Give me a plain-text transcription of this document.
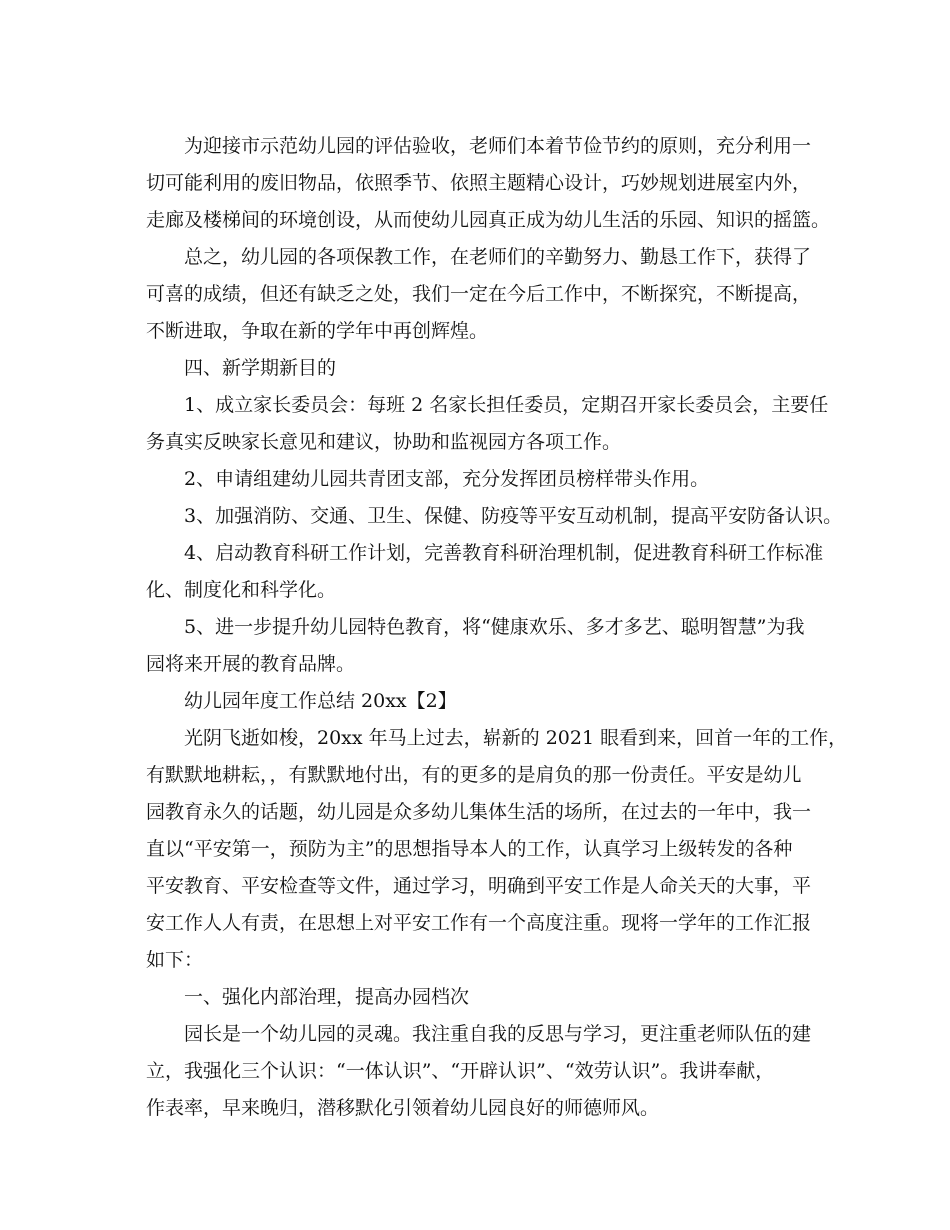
为迎接市示范幼儿园的评估验收，老师们本着节俭节约的原则，充分利用一
切可能利用的废旧物品，依照季节、依照主题精心设计，巧妙规划进展室内外，
走廊及楼梯间的环境创设，从而使幼儿园真正成为幼儿生活的乐园、知识的摇篮。
总之，幼儿园的各项保教工作，在老师们的辛勤努力、勤恳工作下，获得了
可喜的成绩，但还有缺乏之处，我们一定在今后工作中，不断探究，不断提高，
不断进取，争取在新的学年中再创辉煌。
四、新学期新目的
1、成立家长委员会：每班 2 名家长担任委员，定期召开家长委员会，主要任
务真实反映家长意见和建议，协助和监视园方各项工作。
2、申请组建幼儿园共青团支部，充分发挥团员榜样带头作用。
3、加强消防、交通、卫生、保健、防疫等平安互动机制，提高平安防备认识。
4、启动教育科研工作计划，完善教育科研治理机制，促进教育科研工作标准
化、制度化和科学化。
5、进一步提升幼儿园特色教育，将“健康欢乐、多才多艺、聪明智慧”为我
园将来开展的教育品牌。
幼儿园年度工作总结 20xx【2】
光阴飞逝如梭，20xx 年马上过去，崭新的 2021 眼看到来，回首一年的工作，
有默默地耕耘，，有默默地付出，有的更多的是肩负的那一份责任。平安是幼儿
园教育永久的话题，幼儿园是众多幼儿集体生活的场所，在过去的一年中，我一
直以“平安第一，预防为主”的思想指导本人的工作，认真学习上级转发的各种
平安教育、平安检查等文件，通过学习，明确到平安工作是人命关天的大事，平
安工作人人有责，在思想上对平安工作有一个高度注重。现将一学年的工作汇报
如下：
一、强化内部治理，提高办园档次
园长是一个幼儿园的灵魂。我注重自我的反思与学习，更注重老师队伍的建
立，我强化三个认识：“一体认识”、“开辟认识”、“效劳认识”。我讲奉献，
作表率，早来晚归，潜移默化引领着幼儿园良好的师德师风。
